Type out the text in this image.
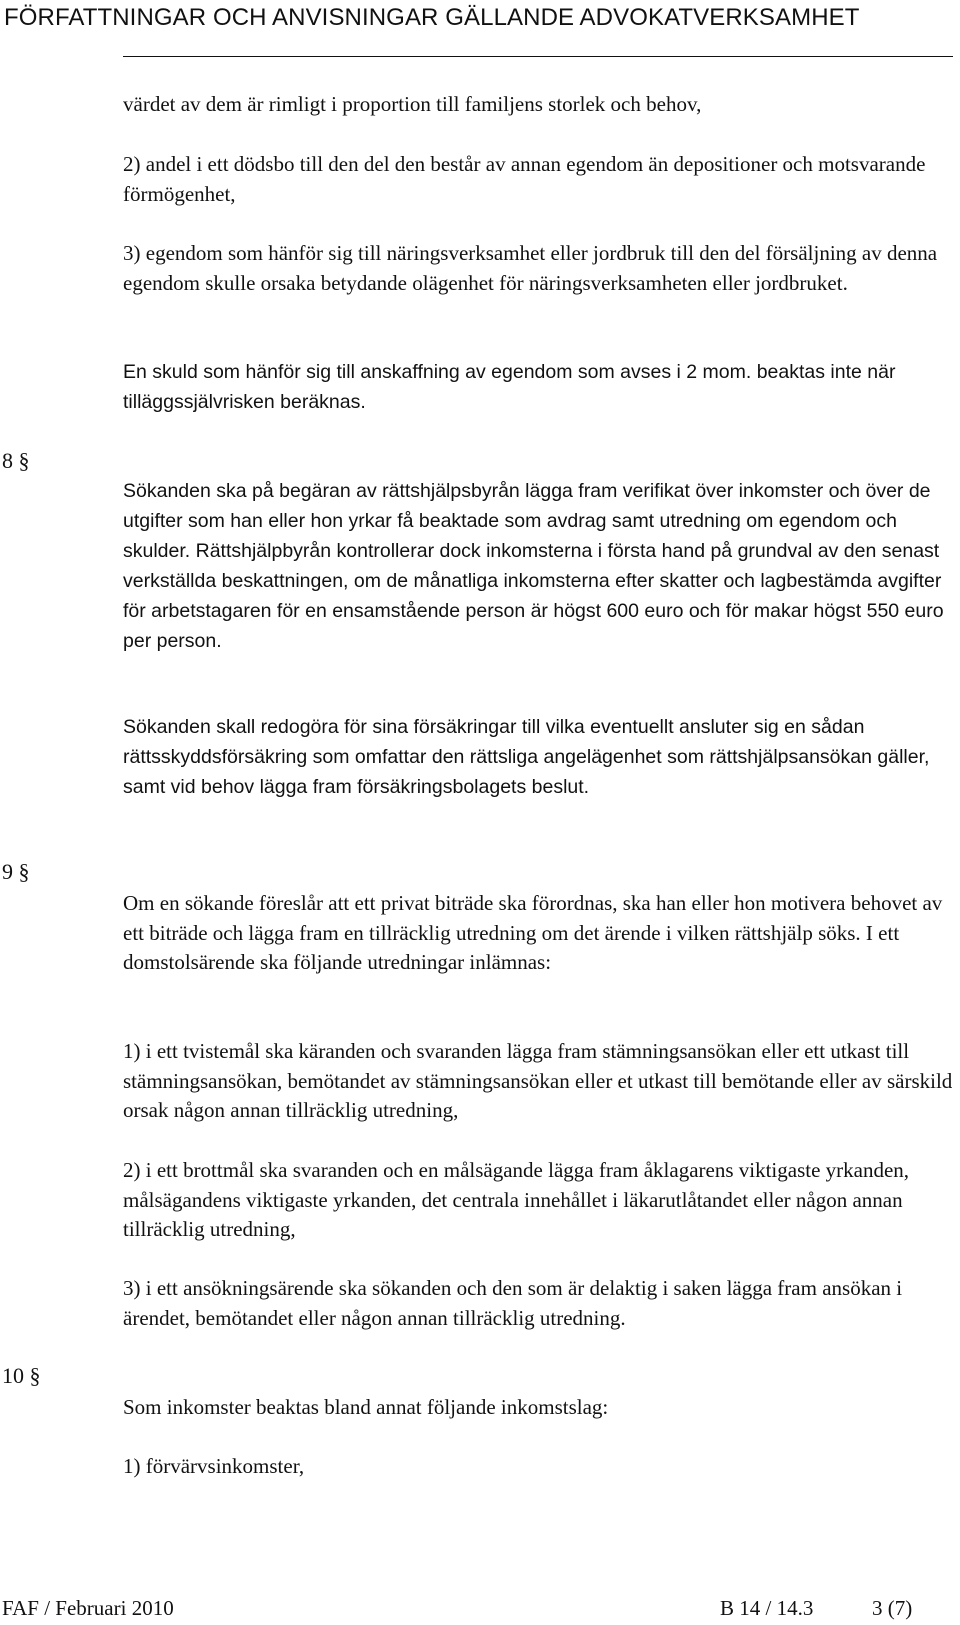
FÖRFATTNINGAR OCH ANVISNINGAR GÄLLANDE ADVOKATVERKSAMHET

värdet av dem är rimligt i proportion till familjens storlek och behov,

2) andel i ett dödsbo till den del den består av annan egendom än depositioner och motsvarande förmögenhet,

3) egendom som hänför sig till näringsverksamhet eller jordbruk till den del försäljning av denna egendom skulle orsaka betydande olägenhet för näringsverksamheten eller jordbruket.

En skuld som hänför sig till anskaffning av egendom som avses i 2 mom. beaktas inte när tilläggssjälvrisken beräknas.

8 §

Sökanden ska på begäran av rättshjälpsbyrån lägga fram verifikat över inkomster och över de utgifter som han eller hon yrkar få beaktade som avdrag samt utredning om egendom och skulder. Rättshjälpbyrån kontrollerar dock inkomsterna i första hand på grundval av den senast verkställda beskattningen, om de månatliga inkomsterna efter skatter och lagbestämda avgifter för arbetstagaren för en ensamstående person är högst 600 euro och för makar högst 550 euro per person.

Sökanden skall redogöra för sina försäkringar till vilka eventuellt ansluter sig en sådan rättsskyddsförsäkring som omfattar den rättsliga angelägenhet som rättshjälpsansökan gäller, samt vid behov lägga fram försäkringsbolagets beslut.

9 §

Om en sökande föreslår att ett privat biträde ska förordnas, ska han eller hon motivera behovet av ett biträde och lägga fram en tillräcklig utredning om det ärende i vilken rättshjälp söks. I ett domstolsärende ska följande utredningar inlämnas:

1) i ett tvistemål ska käranden och svaranden lägga fram stämningsansökan eller ett utkast till stämningsansökan, bemötandet av stämningsansökan eller et utkast till bemötande eller av särskild orsak någon annan tillräcklig utredning,

2) i ett brottmål ska svaranden och en målsägande lägga fram åklagarens viktigaste yrkanden, målsägandens viktigaste yrkanden, det centrala innehållet i läkarutlåtandet eller någon annan tillräcklig utredning,

3) i ett ansökningsärende ska sökanden och den som är delaktig i saken lägga fram ansökan i ärendet, bemötandet eller någon annan tillräcklig utredning.

10 §

Som inkomster beaktas bland annat följande inkomstslag:

1) förvärvsinkomster,

FAF / Februari 2010	B 14 / 14.3	3 (7)
